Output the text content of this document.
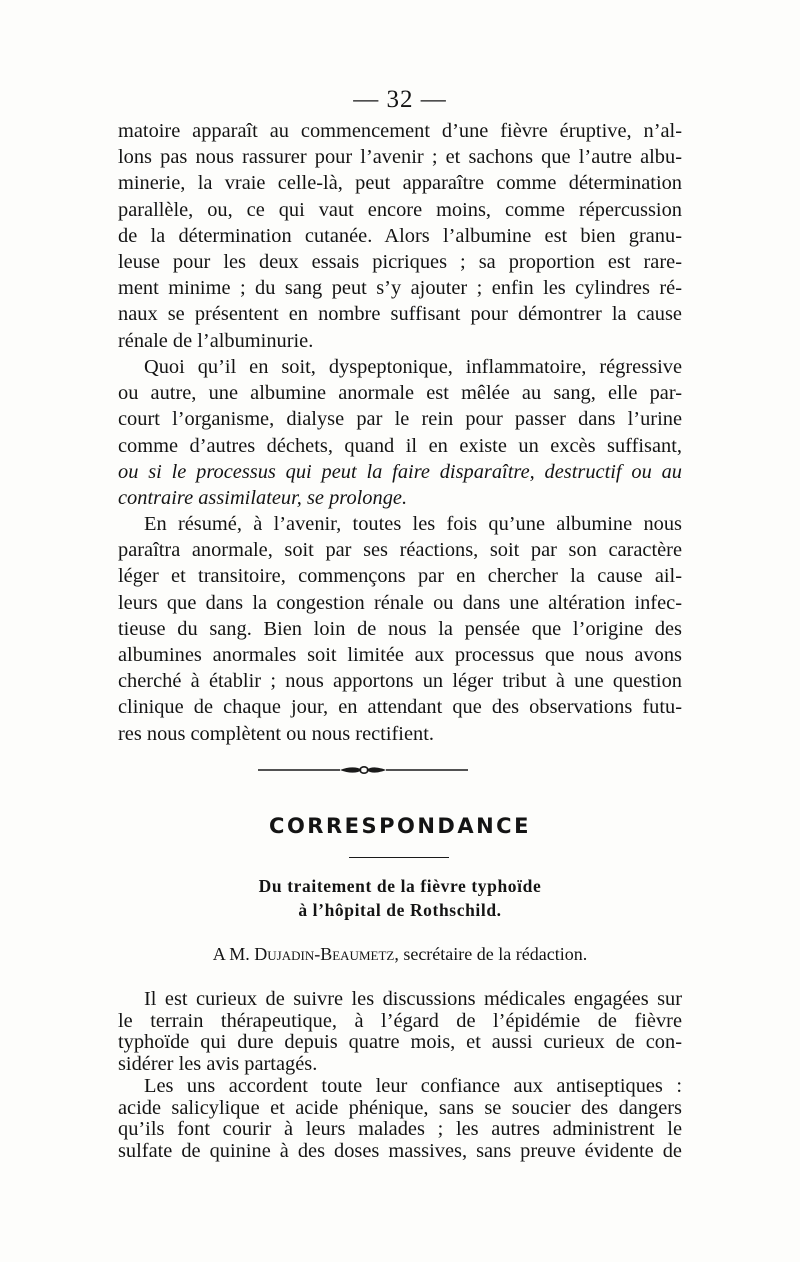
— 32 —
matoire apparaît au commencement d’une fièvre éruptive, n’al-
lons pas nous rassurer pour l’avenir ; et sachons que l’autre albu-
minerie, la vraie celle-là, peut apparaître comme détermination
parallèle, ou, ce qui vaut encore moins, comme répercussion
de la détermination cutanée. Alors l’albumine est bien granu-
leuse pour les deux essais picriques ; sa proportion est rare-
ment minime ; du sang peut s’y ajouter ; enfin les cylindres ré-
naux se présentent en nombre suffisant pour démontrer la cause
rénale de l’albuminurie.
Quoi qu’il en soit, dyspeptonique, inflammatoire, régressive
ou autre, une albumine anormale est mêlée au sang, elle par-
court l’organisme, dialyse par le rein pour passer dans l’urine
comme d’autres déchets, quand il en existe un excès suffisant,
ou si le processus qui peut la faire disparaître, destructif ou au
contraire assimilateur, se prolonge.
En résumé, à l’avenir, toutes les fois qu’une albumine nous
paraîtra anormale, soit par ses réactions, soit par son caractère
léger et transitoire, commençons par en chercher la cause ail-
leurs que dans la congestion rénale ou dans une altération infec-
tieuse du sang. Bien loin de nous la pensée que l’origine des
albumines anormales soit limitée aux processus que nous avons
cherché à établir ; nous apportons un léger tribut à une question
clinique de chaque jour, en attendant que des observations futu-
res nous complètent ou nous rectifient.
CORRESPONDANCE
Du traitement de la fièvre typhoïde
à l’hôpital de Rothschild.
A M. Dujadin-Beaumetz, secrétaire de la rédaction.
Il est curieux de suivre les discussions médicales engagées sur
le terrain thérapeutique, à l’égard de l’épidémie de fièvre
typhoïde qui dure depuis quatre mois, et aussi curieux de con-
sidérer les avis partagés.
Les uns accordent toute leur confiance aux antiseptiques :
acide salicylique et acide phénique, sans se soucier des dangers
qu’ils font courir à leurs malades ; les autres administrent le
sulfate de quinine à des doses massives, sans preuve évidente de
